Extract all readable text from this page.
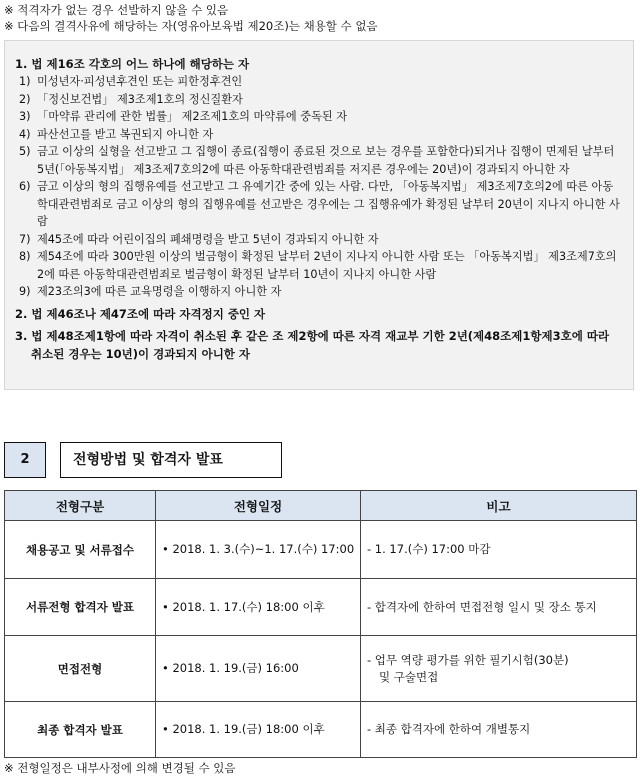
※ 적격자가 없는 경우 선발하지 않을 수 있음
※ 다음의 결격사유에 해당하는 자(영유아보육법 제20조)는 채용할 수 없음
1. 법 제16조 각호의 어느 하나에 해당하는 자
1) 미성년자·피성년후견인 또는 피한정후견인
2) 「정신보건법」 제3조제1호의 정신질환자
3) 「마약류 관리에 관한 법률」 제2조제1호의 마약류에 중독된 자
4) 파산선고를 받고 복권되지 아니한 자
5) 금고 이상의 실형을 선고받고 그 집행이 종료(집행이 종료된 것으로 보는 경우를 포함한다)되거나 집행이 면제된 날부터 5년(「아동복지법」 제3조제7호의2에 따른 아동학대관련범죄를 저지른 경우에는 20년)이 경과되지 아니한 자
6) 금고 이상의 형의 집행유예를 선고받고 그 유예기간 중에 있는 사람. 다만, 「아동복지법」 제3조제7호의2에 따른 아동학대관련범죄로 금고 이상의 형의 집행유예를 선고받은 경우에는 그 집행유예가 확정된 날부터 20년이 지나지 아니한 사람
7) 제45조에 따라 어린이집의 폐쇄명령을 받고 5년이 경과되지 아니한 자
8) 제54조에 따라 300만원 이상의 벌금형이 확정된 날부터 2년이 지나지 아니한 사람 또는 「아동복지법」 제3조제7호의2에 따른 아동학대관련범죄로 벌금형이 확정된 날부터 10년이 지나지 아니한 사람
9) 제23조의3에 따른 교육명령을 이행하지 아니한 자
2. 법 제46조나 제47조에 따라 자격정지 중인 자
3. 법 제48조제1항에 따라 자격이 취소된 후 같은 조 제2항에 따른 자격 재교부 기한 2년(제48조제1항제3호에 따라
취소된 경우는 10년)이 경과되지 아니한 자
2	전형방법 및 합격자 발표
전형구분	전형일정	비고
채용공고 및 서류접수	• 2018. 1. 3.(수)~1. 17.(수) 17:00	- 1. 17.(수) 17:00 마감
서류전형 합격자 발표	• 2018. 1. 17.(수) 18:00 이후	- 합격자에 한하여 면접전형 일시 및 장소 통지
면접전형	• 2018. 1. 19.(금) 16:00	- 업무 역량 평가를 위한 필기시험(30분)
및 구술면접

최종 합격자 발표	• 2018. 1. 19.(금) 18:00 이후	- 최종 합격자에 한하여 개별통지
※ 전형일정은 내부사정에 의해 변경될 수 있음
